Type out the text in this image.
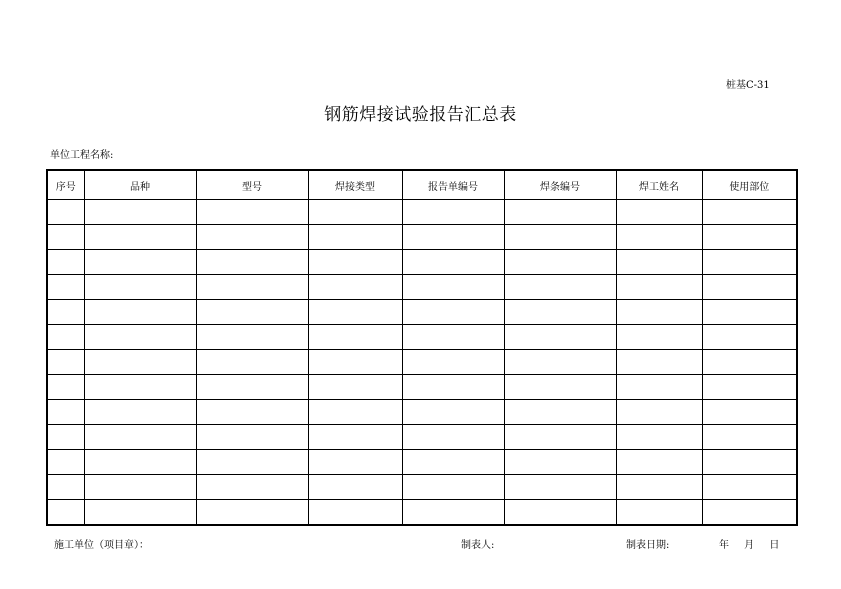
桩基C-31
钢筋焊接试验报告汇总表
单位工程名称:
序号	品种	型号	焊接类型	报告单编号	焊条编号	焊工姓名	使用部位

施工单位（项目章）：	制表人:	制表日期:	年 月 日
